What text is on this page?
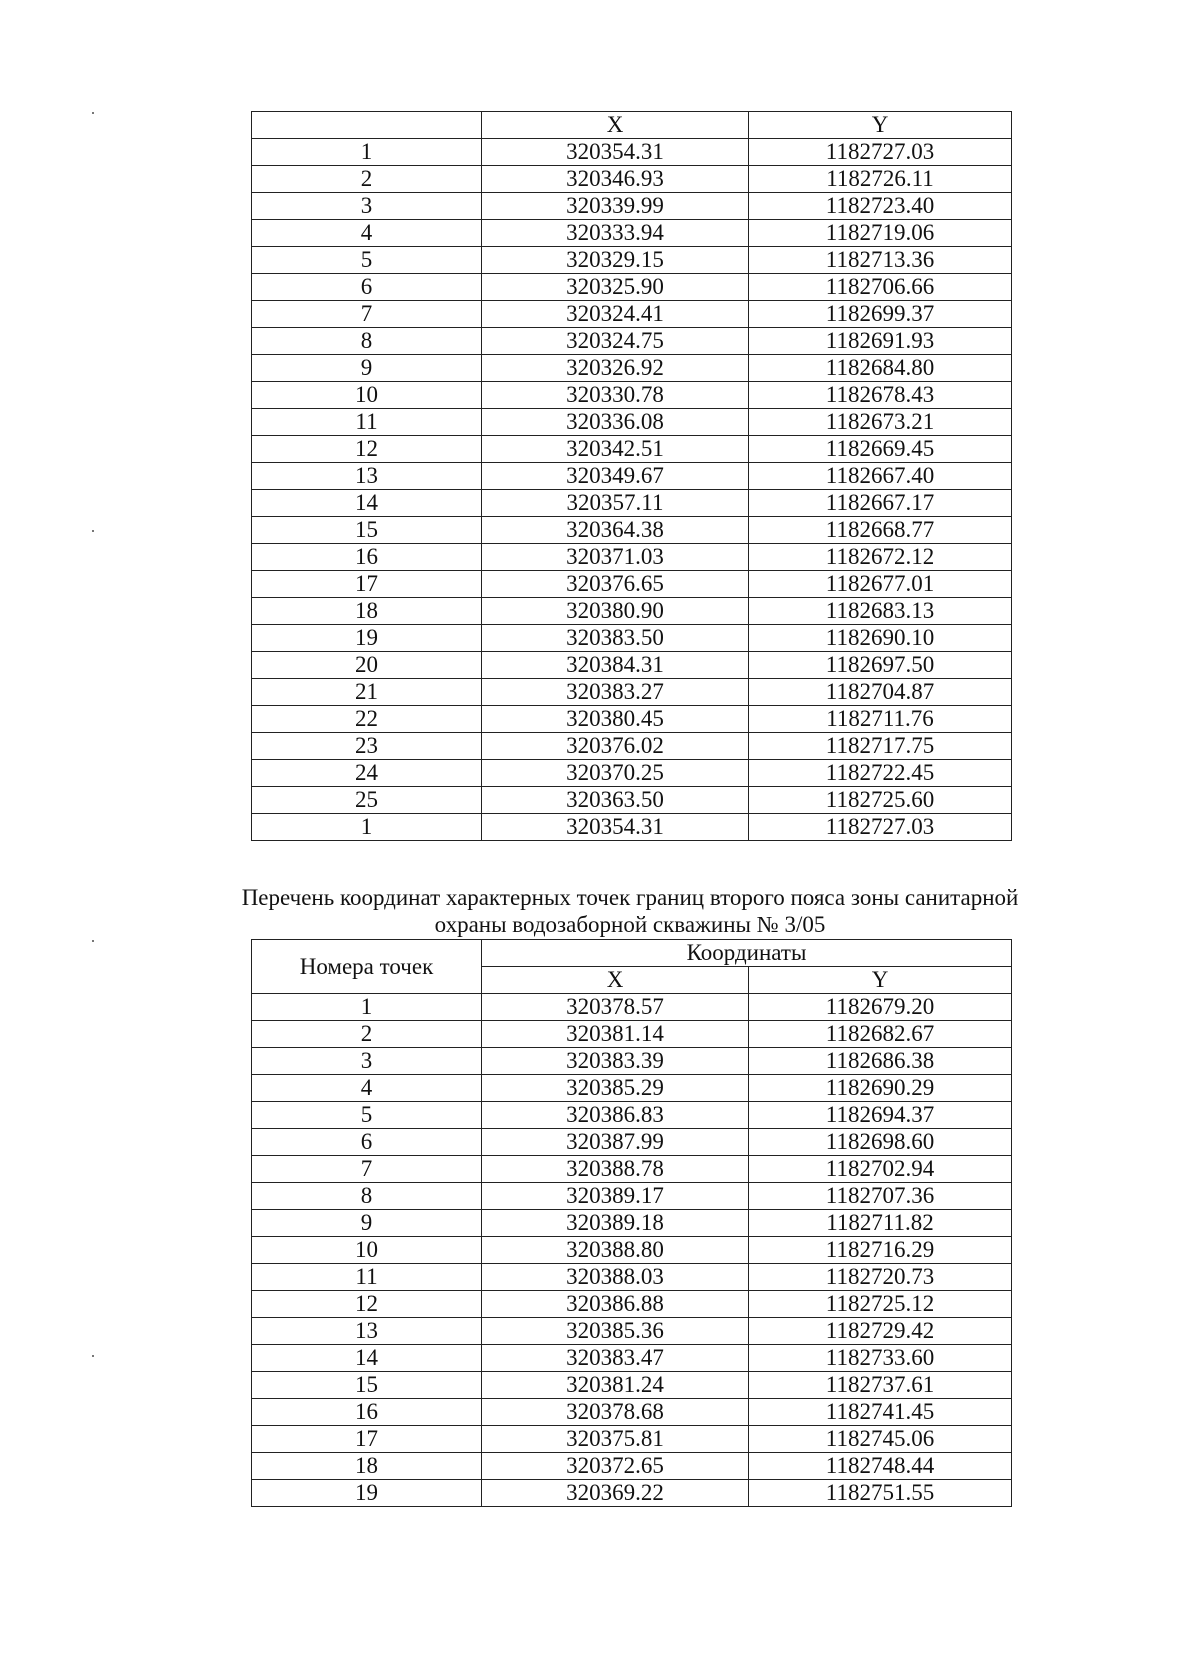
	X	Y
1	320354.31	1182727.03
2	320346.93	1182726.11
3	320339.99	1182723.40
4	320333.94	1182719.06
5	320329.15	1182713.36
6	320325.90	1182706.66
7	320324.41	1182699.37
8	320324.75	1182691.93
9	320326.92	1182684.80
10	320330.78	1182678.43
11	320336.08	1182673.21
12	320342.51	1182669.45
13	320349.67	1182667.40
14	320357.11	1182667.17
15	320364.38	1182668.77
16	320371.03	1182672.12
17	320376.65	1182677.01
18	320380.90	1182683.13
19	320383.50	1182690.10
20	320384.31	1182697.50
21	320383.27	1182704.87
22	320380.45	1182711.76
23	320376.02	1182717.75
24	320370.25	1182722.45
25	320363.50	1182725.60
1	320354.31	1182727.03
Перечень координат характерных точек границ второго пояса зоны санитарной
охраны водозаборной скважины № 3/05
Номера точек	Координаты	
	X	Y
1	320378.57	1182679.20
2	320381.14	1182682.67
3	320383.39	1182686.38
4	320385.29	1182690.29
5	320386.83	1182694.37
6	320387.99	1182698.60
7	320388.78	1182702.94
8	320389.17	1182707.36
9	320389.18	1182711.82
10	320388.80	1182716.29
11	320388.03	1182720.73
12	320386.88	1182725.12
13	320385.36	1182729.42
14	320383.47	1182733.60
15	320381.24	1182737.61
16	320378.68	1182741.45
17	320375.81	1182745.06
18	320372.65	1182748.44
19	320369.22	1182751.55
